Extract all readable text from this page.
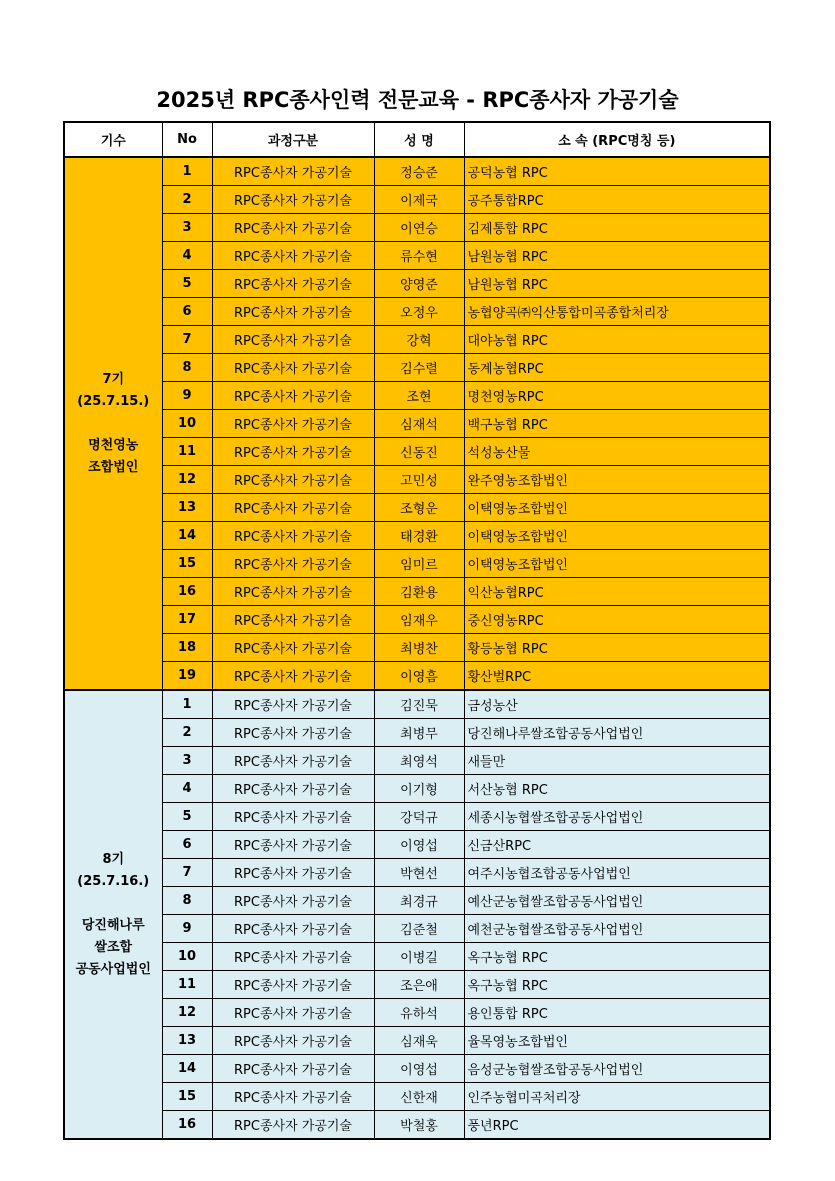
2025년 RPC종사인력 전문교육 - RPC종사자 가공기술
기수	No	과정구분	성 명	소 속 (RPC명칭 등)

7기
(25.7.15.)

명천영농
조합법인	1	RPC종사자 가공기술	정승준	공덕농협 RPC
	2	RPC종사자 가공기술	이제국	공주통합RPC
	3	RPC종사자 가공기술	이연승	김제통합 RPC
	4	RPC종사자 가공기술	류수현	남원농협 RPC
	5	RPC종사자 가공기술	양영준	남원농협 RPC
	6	RPC종사자 가공기술	오정우	농협양곡㈜익산통합미곡종합처리장
	7	RPC종사자 가공기술	강혁	대야농협 RPC
	8	RPC종사자 가공기술	김수렬	동계농협RPC
	9	RPC종사자 가공기술	조현	명천영농RPC
	10	RPC종사자 가공기술	심재석	백구농협 RPC
	11	RPC종사자 가공기술	신동진	석성농산물
	12	RPC종사자 가공기술	고민성	완주영농조합법인
	13	RPC종사자 가공기술	조형운	이택영농조합법인
	14	RPC종사자 가공기술	태경환	이택영농조합법인
	15	RPC종사자 가공기술	임미르	이택영농조합법인
	16	RPC종사자 가공기술	김환용	익산농협RPC
	17	RPC종사자 가공기술	임재우	중신영농RPC
	18	RPC종사자 가공기술	최병찬	황등농협 RPC
	19	RPC종사자 가공기술	이영흠	황산벌RPC

8기
(25.7.16.)

당진해나루
쌀조합
공동사업법인	1	RPC종사자 가공기술	김진묵	금성농산
	2	RPC종사자 가공기술	최병무	당진해나루쌀조합공동사업법인
	3	RPC종사자 가공기술	최영석	새들만
	4	RPC종사자 가공기술	이기형	서산농협 RPC
	5	RPC종사자 가공기술	강덕규	세종시농협쌀조합공동사업법인
	6	RPC종사자 가공기술	이영섭	신금산RPC
	7	RPC종사자 가공기술	박현선	여주시농협조합공동사업법인
	8	RPC종사자 가공기술	최경규	예산군농협쌀조합공동사업법인
	9	RPC종사자 가공기술	김준철	예천군농협쌀조합공동사업법인
	10	RPC종사자 가공기술	이병길	옥구농협 RPC
	11	RPC종사자 가공기술	조은애	옥구농협 RPC
	12	RPC종사자 가공기술	유하석	용인통합 RPC
	13	RPC종사자 가공기술	심재욱	율목영농조합법인
	14	RPC종사자 가공기술	이영섭	음성군농협쌀조합공동사업법인
	15	RPC종사자 가공기술	신한재	인주농협미곡처리장
	16	RPC종사자 가공기술	박철홍	풍년RPC
